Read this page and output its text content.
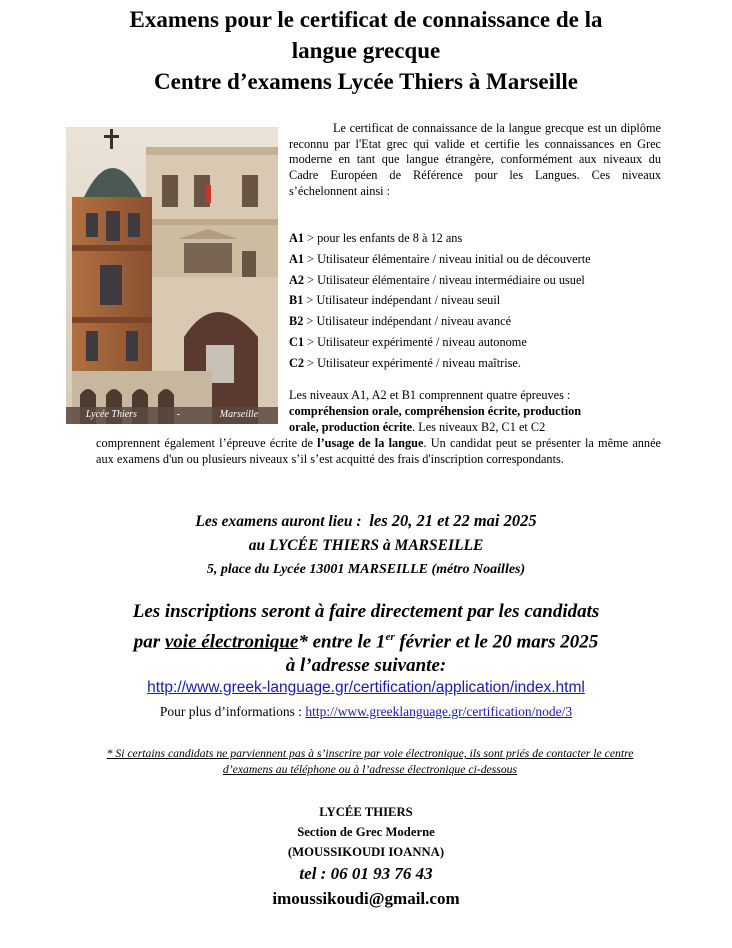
Examens pour le certificat de connaissance de la
langue grecque
Centre d’examens Lycée Thiers à Marseille
Lycée Thiers	-	Marseille

Le certificat de connaissance de la langue grecque est un diplôme reconnu par l'Etat grec qui valide et certifie les connaissances en Grec moderne en tant que langue étrangère, conformément aux niveaux du Cadre Européen de Référence pour les Langues. Ces niveaux s’échelonnent ainsi :

A1 > pour les enfants de 8 à 12 ans
A1 > Utilisateur élémentaire / niveau initial ou de découverte
A2 > Utilisateur élémentaire / niveau intermédiaire ou usuel
B1 > Utilisateur indépendant / niveau seuil
B2 > Utilisateur indépendant / niveau avancé
C1 > Utilisateur expérimenté / niveau autonome
C2 > Utilisateur expérimenté / niveau maîtrise.
Les niveaux A1, A2 et B1 comprennent quatre épreuves :
compréhension orale, compréhension écrite, production
orale, production écrite. Les niveaux B2, C1 et C2
comprennent également l’épreuve écrite de l’usage de la langue. Un candidat peut se présenter la même année aux examens d'un ou plusieurs niveaux s’il s’est acquitté des frais d'inscription correspondants.
Les examens auront lieu : les 20, 21 et 22 mai 2025
au LYCÉE THIERS à MARSEILLE
5, place du Lycée 13001 MARSEILLE (métro Noailles)
Les inscriptions seront à faire directement par les candidats
par voie électronique* entre le 1er février et le 20 mars 2025
à l’adresse suivante:
http://www.greek-language.gr/certification/application/index.html
Pour plus d’informations : http://www.greeklanguage.gr/certification/node/3
* Si certains candidats ne parviennent pas à s’inscrire par voie électronique, ils sont priés de contacter le centre d’examens au téléphone ou à l’adresse électronique ci-dessous
LYCÉE THIERS
Section de Grec Moderne
(MOUSSIKOUDI IOANNA)
tel : 06 01 93 76 43
imoussikoudi@gmail.com
